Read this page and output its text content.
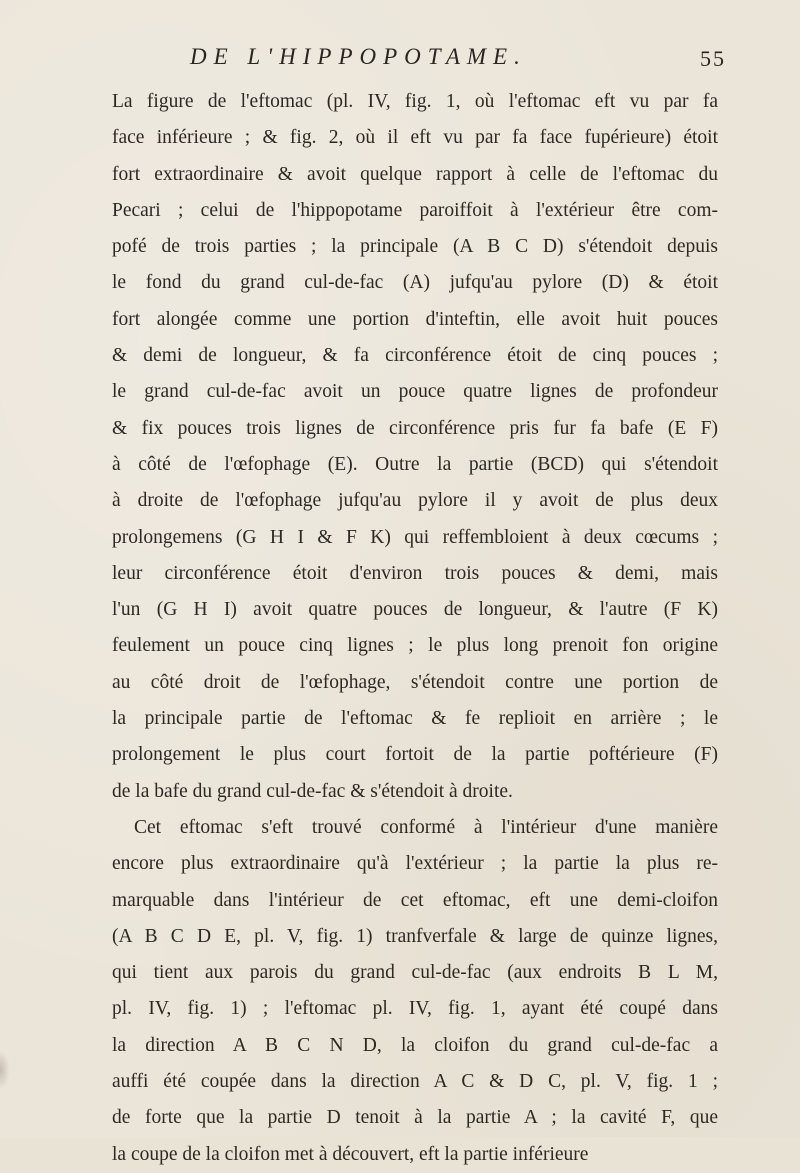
DE L'HIPPOPOTAME.	55
La figure de l'eftomac (pl. IV, fig. 1, où l'eftomac eft vu par fa
face inférieure ; & fig. 2, où il eft vu par fa face fupérieure) étoit
fort extraordinaire & avoit quelque rapport à celle de l'eftomac du
Pecari ; celui de l'hippopotame paroiffoit à l'extérieur être com-
pofé de trois parties ; la principale (A B C D) s'étendoit depuis
le fond du grand cul-de-fac (A) jufqu'au pylore (D) & étoit
fort alongée comme une portion d'inteftin, elle avoit huit pouces
& demi de longueur, & fa circonférence étoit de cinq pouces ;
le grand cul-de-fac avoit un pouce quatre lignes de profondeur
& fix pouces trois lignes de circonférence pris fur fa bafe (E F)
à côté de l'œfophage (E). Outre la partie (BCD) qui s'étendoit
à droite de l'œfophage jufqu'au pylore il y avoit de plus deux
prolongemens (G H I & F K) qui reffembloient à deux cœcums ;
leur circonférence étoit d'environ trois pouces & demi, mais
l'un (G H I) avoit quatre pouces de longueur, & l'autre (F K)
feulement un pouce cinq lignes ; le plus long prenoit fon origine
au côté droit de l'œfophage, s'étendoit contre une portion de
la principale partie de l'eftomac & fe replioit en arrière ; le
prolongement le plus court fortoit de la partie poftérieure (F)
de la bafe du grand cul-de-fac & s'étendoit à droite.
Cet eftomac s'eft trouvé conformé à l'intérieur d'une manière
encore plus extraordinaire qu'à l'extérieur ; la partie la plus re-
marquable dans l'intérieur de cet eftomac, eft une demi-cloifon
(A B C D E, pl. V, fig. 1) tranfverfale & large de quinze lignes,
qui tient aux parois du grand cul-de-fac (aux endroits B L M,
pl. IV, fig. 1) ; l'eftomac pl. IV, fig. 1, ayant été coupé dans
la direction A B C N D, la cloifon du grand cul-de-fac a
auffi été coupée dans la direction A C & D C, pl. V, fig. 1 ;
de forte que la partie D tenoit à la partie A ; la cavité F, que
la coupe de la cloifon met à découvert, eft la partie inférieure
